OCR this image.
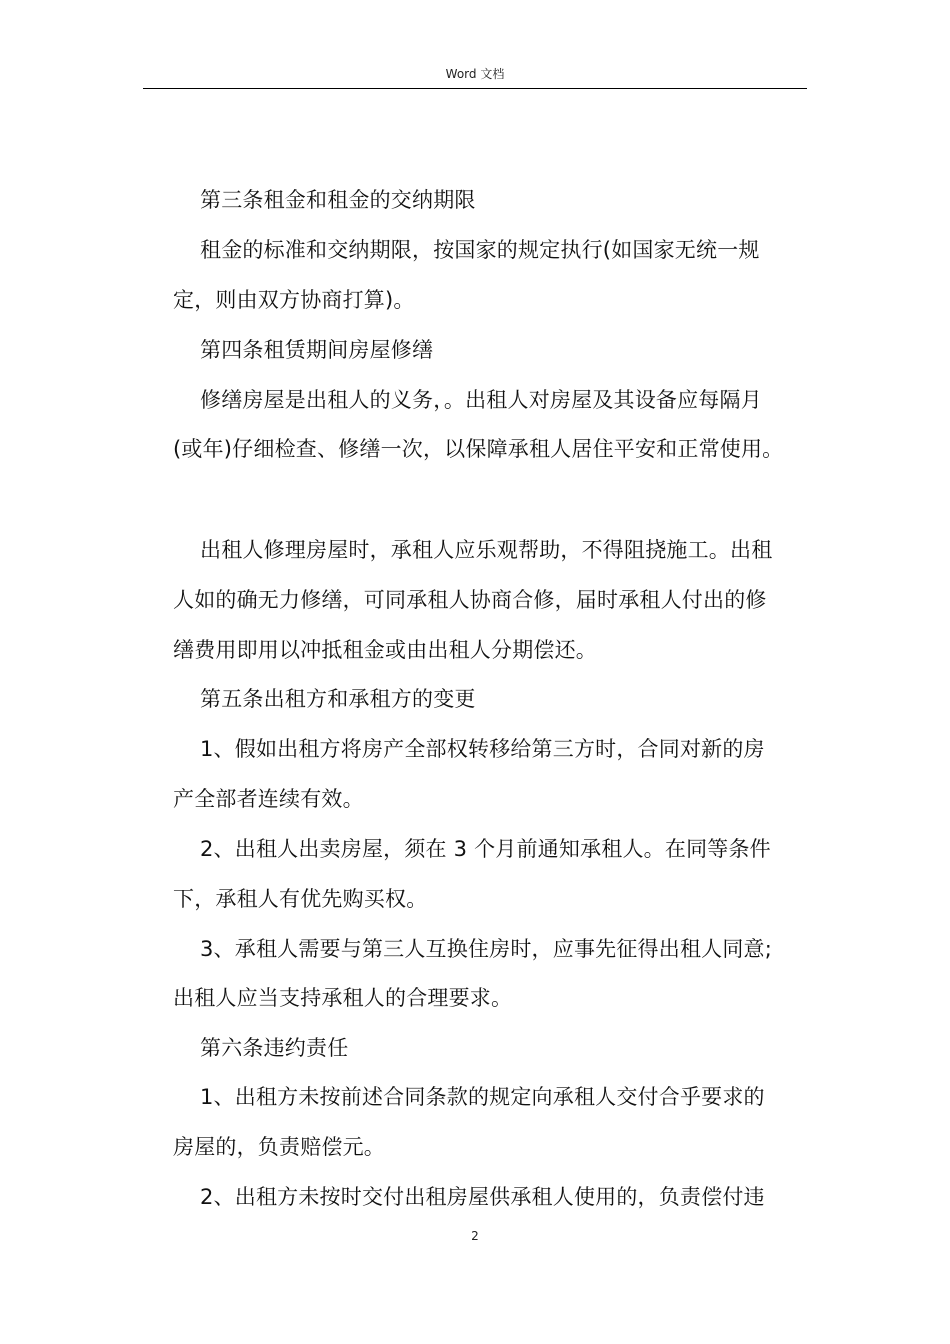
Word 文档
第三条租金和租金的交纳期限
租金的标准和交纳期限，按国家的规定执行(如国家无统一规
定，则由双方协商打算)。
第四条租赁期间房屋修缮
修缮房屋是出租人的义务，。出租人对房屋及其设备应每隔月
(或年)仔细检查、修缮一次，以保障承租人居住平安和正常使用。
出租人修理房屋时，承租人应乐观帮助，不得阻挠施工。出租
人如的确无力修缮，可同承租人协商合修，届时承租人付出的修
缮费用即用以冲抵租金或由出租人分期偿还。
第五条出租方和承租方的变更
1、假如出租方将房产全部权转移给第三方时，合同对新的房
产全部者连续有效。
2、出租人出卖房屋，须在 3 个月前通知承租人。在同等条件
下，承租人有优先购买权。
3、承租人需要与第三人互换住房时，应事先征得出租人同意;
出租人应当支持承租人的合理要求。
第六条违约责任
1、出租方未按前述合同条款的规定向承租人交付合乎要求的
房屋的，负责赔偿元。
2、出租方未按时交付出租房屋供承租人使用的，负责偿付违
2
